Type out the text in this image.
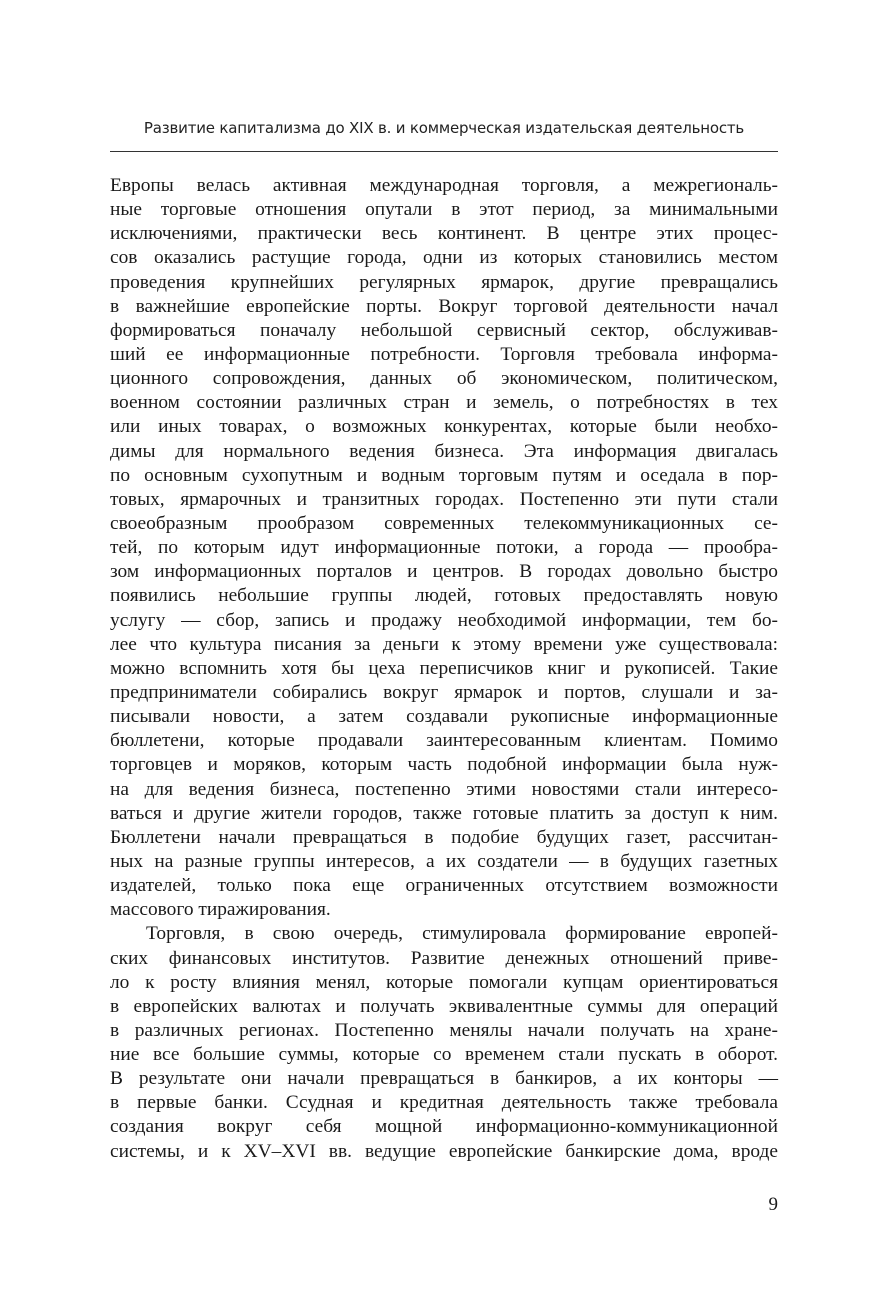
Развитие капитализма до XIX в. и коммерческая издательская деятельность
Европы велась активная международная торговля, а межрегиональ-
ные торговые отношения опутали в этот период, за минимальными
исключениями, практически весь континент. В центре этих процес-
сов оказались растущие города, одни из которых становились местом
проведения крупнейших регулярных ярмарок, другие превращались
в важнейшие европейские порты. Вокруг торговой деятельности начал
формироваться поначалу небольшой сервисный сектор, обслуживав-
ший ее информационные потребности. Торговля требовала информа-
ционного сопровождения, данных об экономическом, политическом,
военном состоянии различных стран и земель, о потребностях в тех
или иных товарах, о возможных конкурентах, которые были необхо-
димы для нормального ведения бизнеса. Эта информация двигалась
по основным сухопутным и водным торговым путям и оседала в пор-
товых, ярмарочных и транзитных городах. Постепенно эти пути стали
своеобразным прообразом современных телекоммуникационных се-
тей, по которым идут информационные потоки, а города — прообра-
зом информационных порталов и центров. В городах довольно быстро
появились небольшие группы людей, готовых предоставлять новую
услугу — сбор, запись и продажу необходимой информации, тем бо-
лее что культура писания за деньги к этому времени уже существовала:
можно вспомнить хотя бы цеха переписчиков книг и рукописей. Такие
предприниматели собирались вокруг ярмарок и портов, слушали и за-
писывали новости, а затем создавали рукописные информационные
бюллетени, которые продавали заинтересованным клиентам. Помимо
торговцев и моряков, которым часть подобной информации была нуж-
на для ведения бизнеса, постепенно этими новостями стали интересо-
ваться и другие жители городов, также готовые платить за доступ к ним.
Бюллетени начали превращаться в подобие будущих газет, рассчитан-
ных на разные группы интересов, а их создатели — в будущих газетных
издателей, только пока еще ограниченных отсутствием возможности
массового тиражирования.
Торговля, в свою очередь, стимулировала формирование европей-
ских финансовых институтов. Развитие денежных отношений приве-
ло к росту влияния менял, которые помогали купцам ориентироваться
в европейских валютах и получать эквивалентные суммы для операций
в различных регионах. Постепенно менялы начали получать на хране-
ние все большие суммы, которые со временем стали пускать в оборот.
В результате они начали превращаться в банкиров, а их конторы —
в первые банки. Ссудная и кредитная деятельность также требовала
создания вокруг себя мощной информационно-коммуникационной
системы, и к XV–XVI вв. ведущие европейские банкирские дома, вроде
9
